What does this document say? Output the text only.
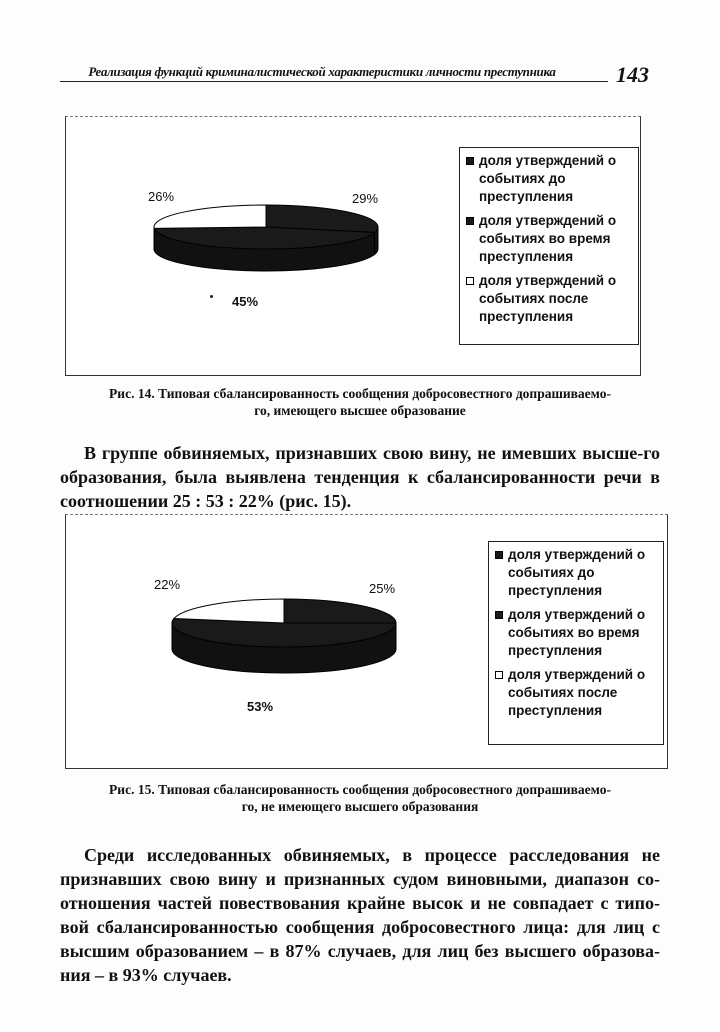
Реализация функций криминалистической характеристики личности преступника	143
26%	29%
45%
доля утверждений о событиях до преступления
доля утверждений о событиях во время преступления
доля утверждений о событиях после преступления
Рис. 14. Типовая сбалансированность сообщения добросовестного допрашиваемо-
го, имеющего высшее образование
В группе обвиняемых, признавших свою вину, не имевших высше-го образования, была выявлена тенденция к сбалансированности речи в соотношении 25 : 53 : 22% (рис. 15).
22%	25%
53%
доля утверждений о событиях до преступления
доля утверждений о событиях во время преступления
доля утверждений о событиях после преступления
Рис. 15. Типовая сбалансированность сообщения добросовестного допрашиваемо-
го, не имеющего высшего образования
Среди исследованных обвиняемых, в процессе расследования не признавших свою вину и признанных судом виновными, диапазон со-отношения частей повествования крайне высок и не совпадает с типо-вой сбалансированностью сообщения добросовестного лица: для лиц с высшим образованием – в 87% случаев, для лиц без высшего образова-ния – в 93% случаев.
